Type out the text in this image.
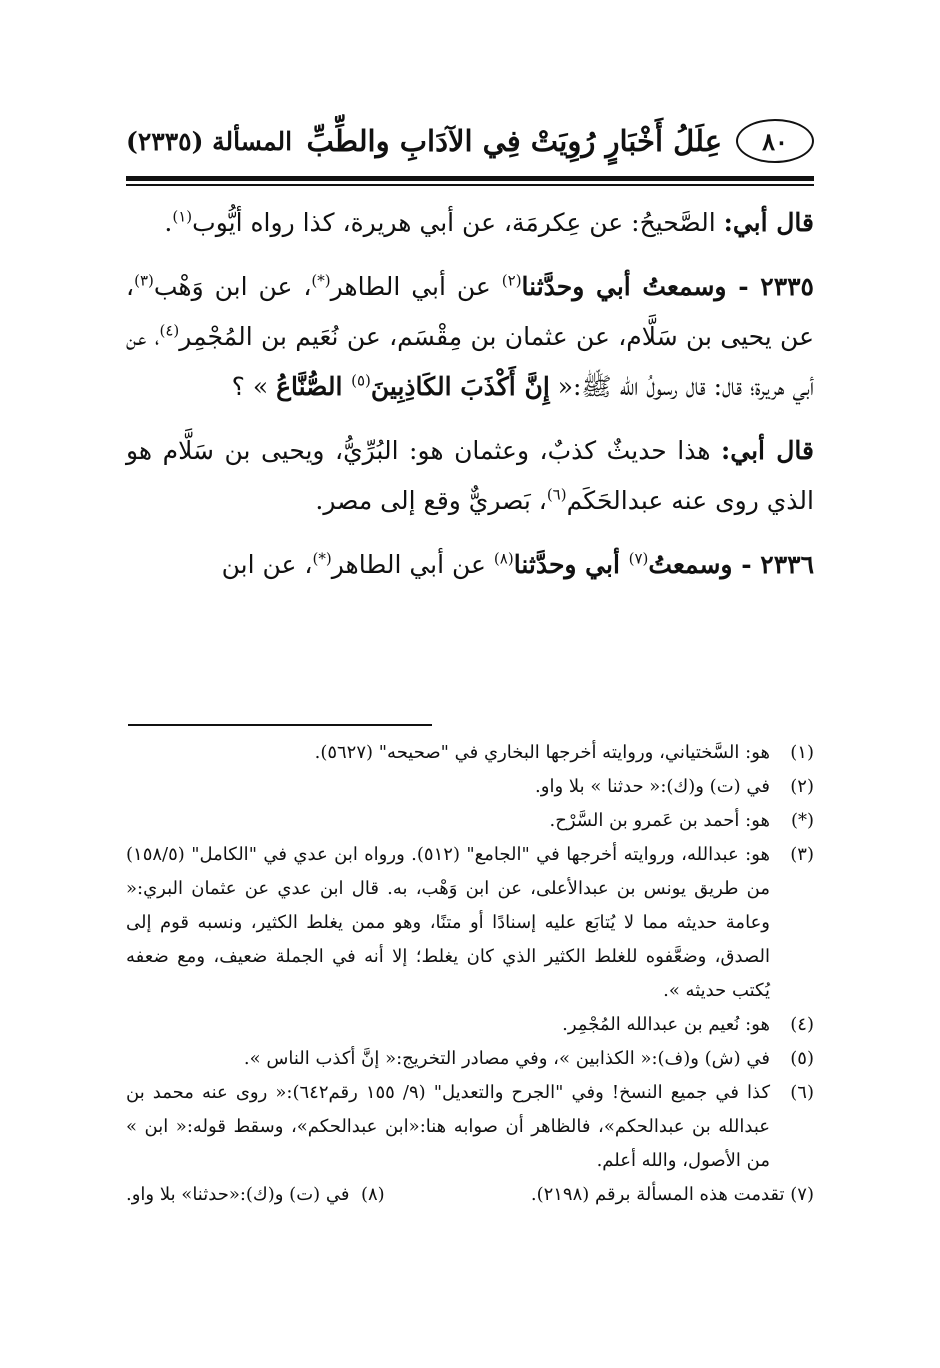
٨٠
عِلَلُ أَخْبَارٍ رُوِيَتْ فِي الآدَابِ والطِّبِّ
المسألة (٢٣٣٥)

قال أبي: الصَّحيحُ: عن عِكرمَة، عن أبي هريرة، كذا رواه أيُّوب$^{(١)}$.

٢٣٣٥ - وسمعتُ أبي وحدَّثنا$^{(٢)}$ عن أبي الطاهر(*)، عن ابن وَهْب$^{(٣)}$، عن يحيى بن سَلَّام، عن عثمان بن مِقْسَم، عن نُعَيم بن المُجْمِر$^{(٤)}$، عن أبي هريرة؛ قال: قال رسولُ الله ﷺ:« إِنَّ أَكْذَبَ الكَاذِبِينَ$^{(٥)}$ الصُّنَّاعُ » ؟

قال أبي: هذا حديثٌ كذبٌ، وعثمان هو: البُرِّيُّ، ويحيى بن سَلَّام هو الذي روى عنه عبدالحَكَم$^{(٦)}$، بَصريٌّ وقع إلى مصر.

٢٣٣٦ - وسمعتُ$^{(٧)}$ أبي وحدَّثنا$^{(٨)}$ عن أبي الطاهر(*)، عن ابن

(١)
هو: السَّختياني، وروايته أخرجها البخاري في "صحيحه" (٥٦٢٧).
(٢)
في (ت) و(ك):« حدثنا » بلا واو.
(*)
هو: أحمد بن عَمرو بن السَّرْح.
(٣)
هو: عبدالله، وروايته أخرجها في "الجامع" (٥١٢). ورواه ابن عدي في "الكامل" (١٥٨/٥) من طريق يونس بن عبدالأعلى، عن ابن وَهْب، به. قال ابن عدي عن عثمان البري:« وعامة حديثه مما لا يُتابَع عليه إسنادًا أو متنًا، وهو ممن يغلط الكثير، ونسبه قوم إلى الصدق، وضعَّفوه للغلط الكثير الذي كان يغلط؛ إلا أنه في الجملة ضعيف، ومع ضعفه يُكتب حديثه ».
(٤)
هو: نُعيم بن عبدالله المُجْمِر.
(٥)
في (ش) و(ف):« الكذابين »، وفي مصادر التخريج:« إنَّ أكذب الناس ».
(٦)
كذا في جميع النسخ! وفي "الجرح والتعديل" (٩/ ١٥٥ رقم٦٤٢):« روى عنه محمد بن عبدالله بن عبدالحكم»، فالظاهر أن صوابه هنا:«ابن عبدالحكم»، وسقط قوله:« ابن » من الأصول، والله أعلم.
(٧)

تقدمت هذه المسألة برقم (٢١٩٨).
(٨)

في (ت) و(ك):«حدثنا» بلا واو.
